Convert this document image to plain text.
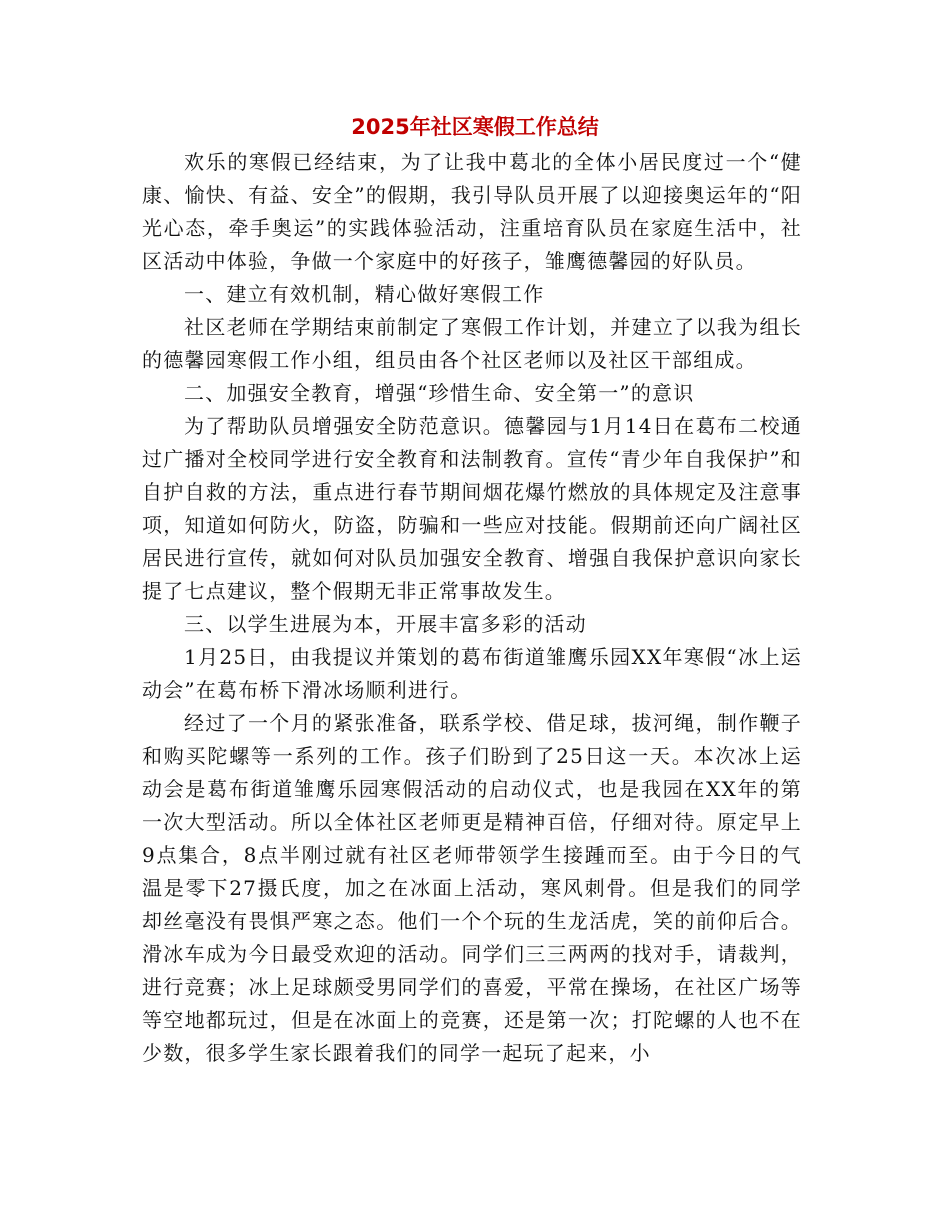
2025年社区寒假工作总结

欢乐的寒假已经结束，为了让我中葛北的全体小居民度过一个“健康、愉快、有益、安全”的假期，我引导队员开展了以迎接奥运年的“阳光心态，牵手奥运”的实践体验活动，注重培育队员在家庭生活中，社区活动中体验，争做一个家庭中的好孩子，雏鹰德馨园的好队员。

一、建立有效机制，精心做好寒假工作

社区老师在学期结束前制定了寒假工作计划，并建立了以我为组长的德馨园寒假工作小组，组员由各个社区老师以及社区干部组成。

二、加强安全教育，增强“珍惜生命、安全第一”的意识

为了帮助队员增强安全防范意识。德馨园与1月14日在葛布二校通过广播对全校同学进行安全教育和法制教育。宣传“青少年自我保护”和自护自救的方法，重点进行春节期间烟花爆竹燃放的具体规定及注意事项，知道如何防火，防盗，防骗和一些应对技能。假期前还向广阔社区居民进行宣传，就如何对队员加强安全教育、增强自我保护意识向家长提了七点建议，整个假期无非正常事故发生。

三、以学生进展为本，开展丰富多彩的活动

1月25日，由我提议并策划的葛布街道雏鹰乐园XX年寒假“冰上运动会”在葛布桥下滑冰场顺利进行。

经过了一个月的紧张准备，联系学校、借足球，拔河绳，制作鞭子和购买陀螺等一系列的工作。孩子们盼到了25日这一天。本次冰上运动会是葛布街道雏鹰乐园寒假活动的启动仪式，也是我园在XX年的第一次大型活动。所以全体社区老师更是精神百倍，仔细对待。原定早上9点集合，8点半刚过就有社区老师带领学生接踵而至。由于今日的气温是零下27摄氏度，加之在冰面上活动，寒风刺骨。但是我们的同学却丝毫没有畏惧严寒之态。他们一个个玩的生龙活虎，笑的前仰后合。滑冰车成为今日最受欢迎的活动。同学们三三两两的找对手，请裁判，进行竞赛；冰上足球颇受男同学们的喜爱，平常在操场，在社区广场等等空地都玩过，但是在冰面上的竞赛，还是第一次；打陀螺的人也不在少数，很多学生家长跟着我们的同学一起玩了起来，小
